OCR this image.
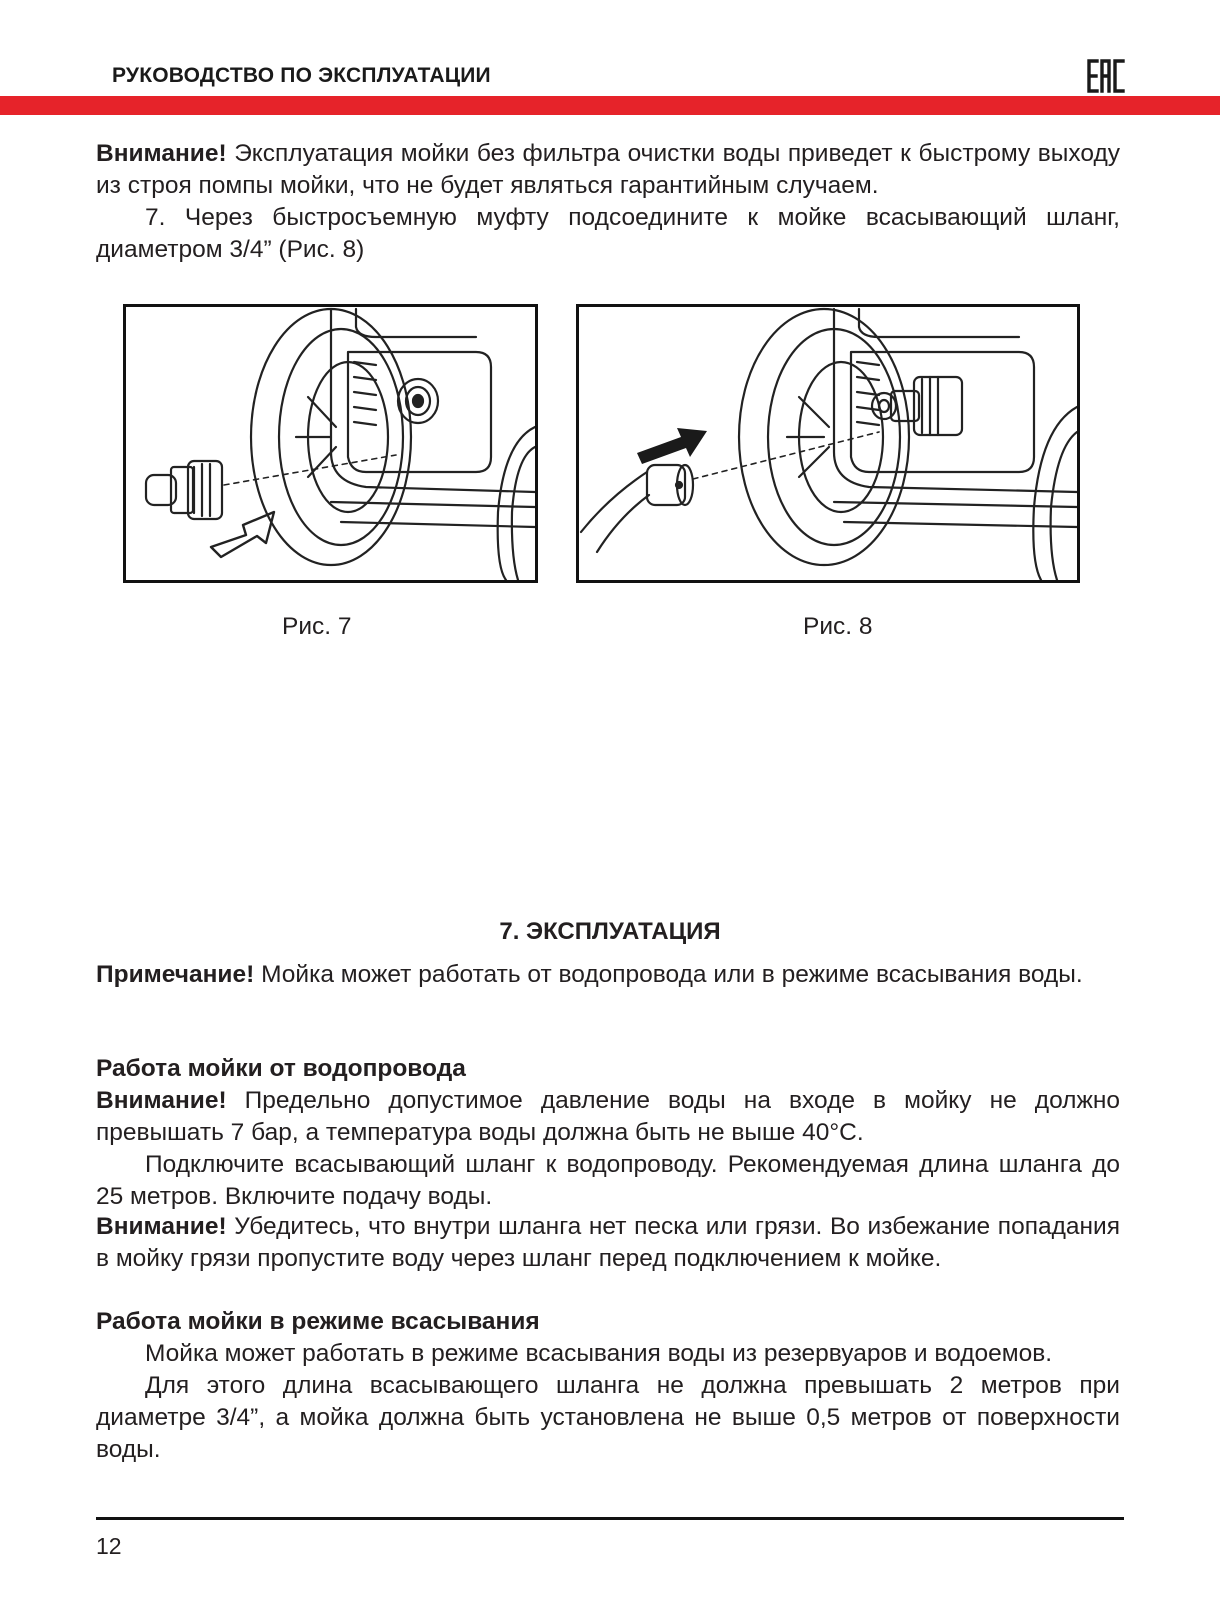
РУКОВОДСТВО ПО ЭКСПЛУАТАЦИИ
Внимание! Эксплуатация мойки без фильтра очистки воды приведет к быстрому выходу из строя помпы мойки, что не будет являться гарантийным случаем.
7. Через быстросъемную муфту подсоедините к мойке всасывающий шланг, диаметром 3/4” (Рис. 8)
Рис. 7	Рис. 8
7. ЭКСПЛУАТАЦИЯ
Примечание! Мойка может работать от водопровода или в режиме всасывания воды.
Работа мойки от водопровода
Внимание! Предельно допустимое давление воды на входе в мойку не должно превышать 7 бар, а температура воды должна быть не выше 40°С.
Подключите всасывающий шланг к водопроводу. Рекомендуемая длина шланга до 25 метров. Включите подачу воды.
Внимание! Убедитесь, что внутри шланга нет песка или грязи. Во избежание попадания в мойку грязи пропустите воду через шланг перед подключением к мойке.
Работа мойки в режиме всасывания
Мойка может работать в режиме всасывания воды из резервуаров и водоемов.
Для этого длина всасывающего шланга не должна превышать 2 метров при диаметре 3/4”, а мойка должна быть установлена не выше 0,5 метров от поверхности воды.
12
